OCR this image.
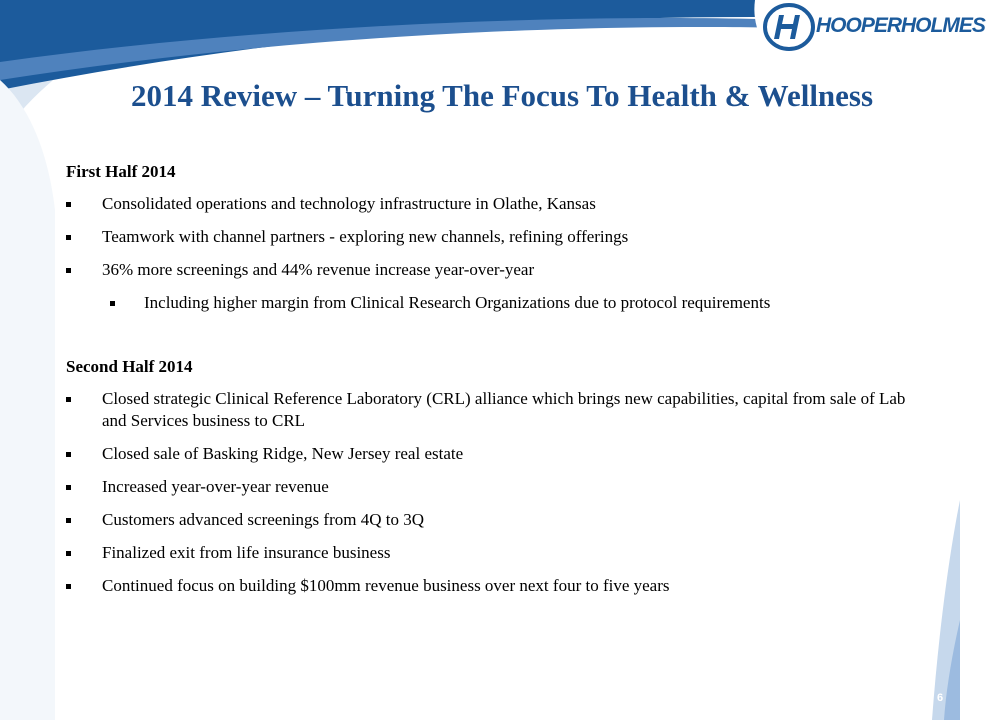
HOOPERHOLMES
2014 Review – Turning The Focus To Health & Wellness
First Half 2014
Consolidated operations and technology infrastructure in Olathe, Kansas
Teamwork with channel partners - exploring new channels, refining offerings
36% more screenings and 44% revenue increase year-over-year
Including higher margin from Clinical Research Organizations due to protocol requirements
Second Half 2014
Closed strategic Clinical Reference Laboratory (CRL) alliance which brings new capabilities, capital from sale of Lab and Services business to CRL
Closed sale of Basking Ridge, New Jersey real estate
Increased year-over-year revenue
Customers advanced screenings from 4Q to 3Q
Finalized exit from life insurance business
Continued focus on building $100mm revenue business over next four to five years
6
